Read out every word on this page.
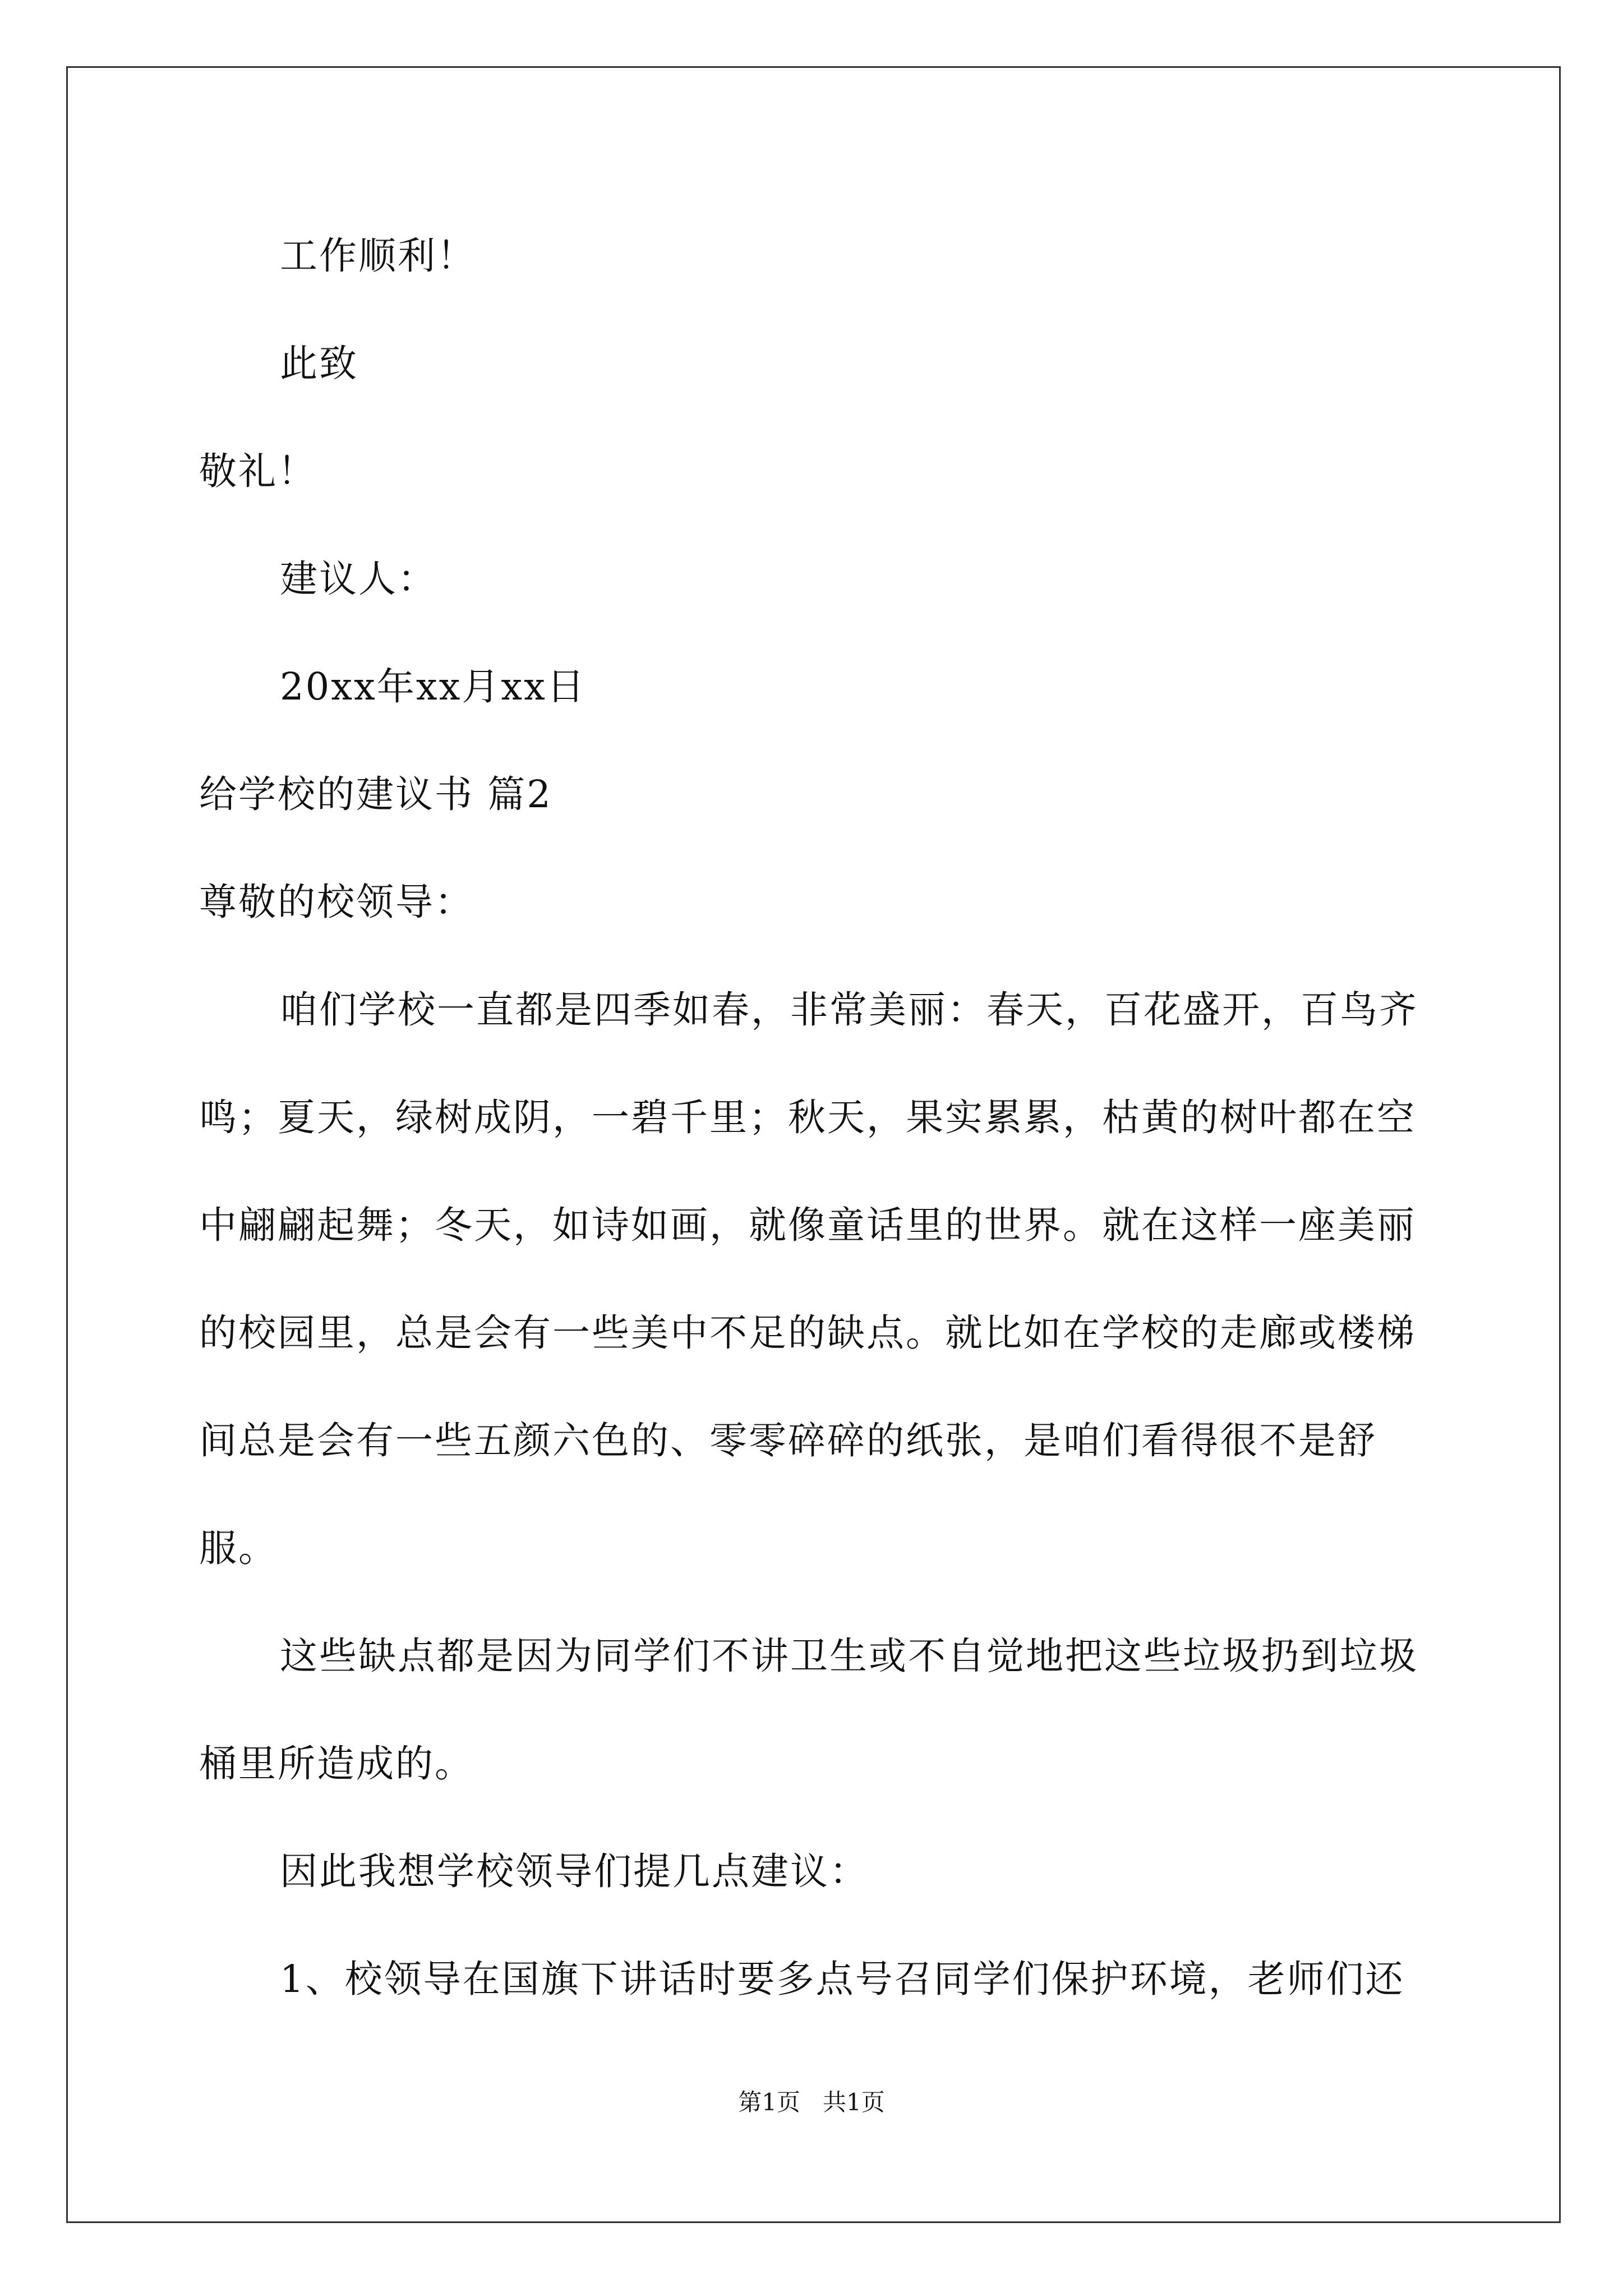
工作顺利！

此致

敬礼！

建议人：

20xx年xx月xx日

给学校的建议书 篇2

尊敬的校领导：

咱们学校一直都是四季如春，非常美丽：春天，百花盛开，百鸟齐鸣；夏天，绿树成阴，一碧千里；秋天，果实累累，枯黄的树叶都在空中翩翩起舞；冬天，如诗如画，就像童话里的世界。就在这样一座美丽的校园里，总是会有一些美中不足的缺点。就比如在学校的走廊或楼梯间总是会有一些五颜六色的、零零碎碎的纸张，是咱们看得很不是舒服。

这些缺点都是因为同学们不讲卫生或不自觉地把这些垃圾扔到垃圾桶里所造成的。

因此我想学校领导们提几点建议：

1、校领导在国旗下讲话时要多点号召同学们保护环境，老师们还

第1页   共1页
